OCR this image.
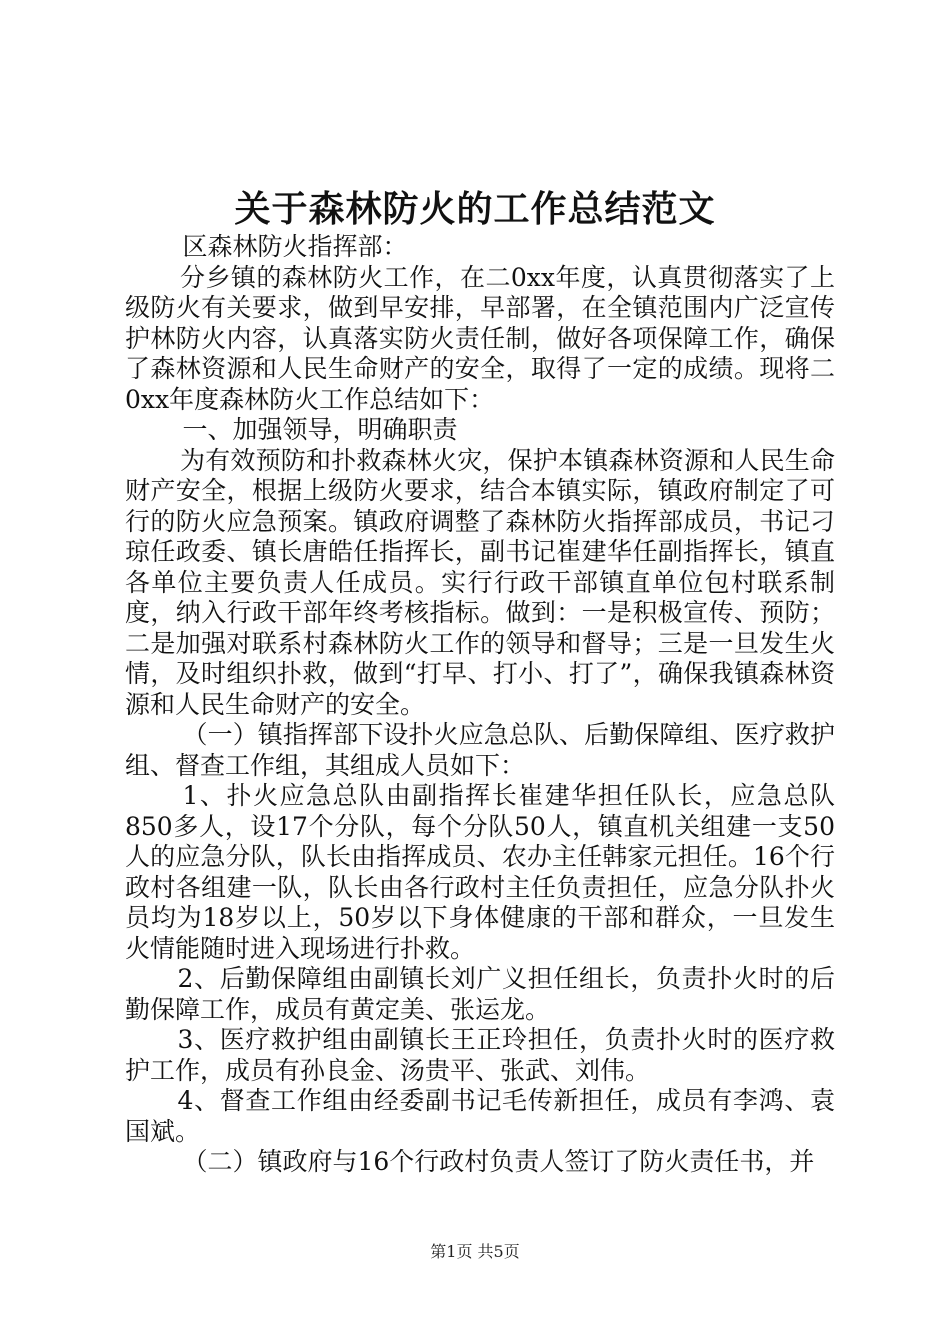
关于森林防火的工作总结范文

区森林防火指挥部：

分乡镇的森林防火工作，在二0xx年度，认真贯彻落实了上级防火有关要求，做到早安排，早部署，在全镇范围内广泛宣传护林防火内容，认真落实防火责任制，做好各项保障工作，确保了森林资源和人民生命财产的安全，取得了一定的成绩。现将二0xx年度森林防火工作总结如下：

一、加强领导，明确职责

为有效预防和扑救森林火灾，保护本镇森林资源和人民生命财产安全，根据上级防火要求，结合本镇实际，镇政府制定了可行的防火应急预案。镇政府调整了森林防火指挥部成员，书记刁琼任政委、镇长唐皓任指挥长，副书记崔建华任副指挥长，镇直各单位主要负责人任成员。实行行政干部镇直单位包村联系制度，纳入行政干部年终考核指标。做到：一是积极宣传、预防；二是加强对联系村森林防火工作的领导和督导；三是一旦发生火情，及时组织扑救，做到“打早、打小、打了”，确保我镇森林资源和人民生命财产的安全。

（一）镇指挥部下设扑火应急总队、后勤保障组、医疗救护组、督查工作组，其组成人员如下：

1、扑火应急总队由副指挥长崔建华担任队长，应急总队850多人，设17个分队，每个分队50人，镇直机关组建一支50人的应急分队，队长由指挥成员、农办主任韩家元担任。16个行政村各组建一队，队长由各行政村主任负责担任，应急分队扑火员均为18岁以上，50岁以下身体健康的干部和群众，一旦发生火情能随时进入现场进行扑救。

2、后勤保障组由副镇长刘广义担任组长，负责扑火时的后勤保障工作，成员有黄定美、张运龙。

3、医疗救护组由副镇长王正玲担任，负责扑火时的医疗救护工作，成员有孙良金、汤贵平、张武、刘伟。

4、督查工作组由经委副书记毛传新担任，成员有李鸿、袁国斌。

（二）镇政府与16个行政村负责人签订了防火责任书，并

第1页 共5页
